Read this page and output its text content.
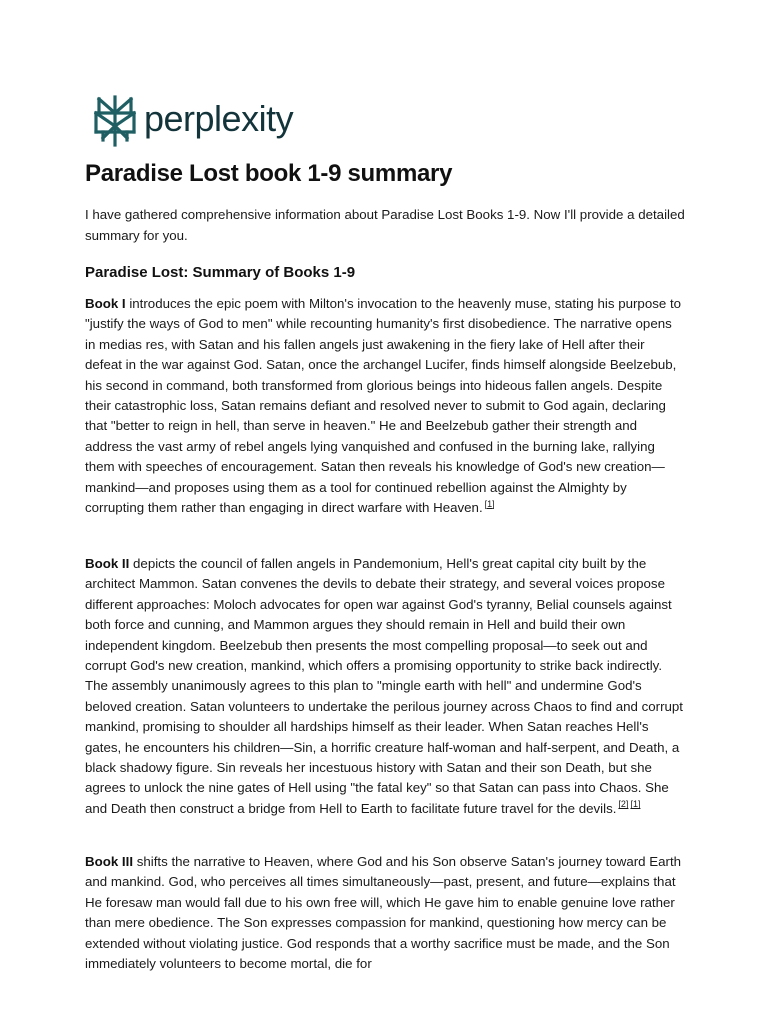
perplexity
Paradise Lost book 1-9 summary

I have gathered comprehensive information about Paradise Lost Books 1-9. Now I'll provide a detailed summary for you.

Paradise Lost: Summary of Books 1-9

Book I introduces the epic poem with Milton's invocation to the heavenly muse, stating his purpose to "justify the ways of God to men" while recounting humanity's first disobedience. The narrative opens in medias res, with Satan and his fallen angels just awakening in the fiery lake of Hell after their defeat in the war against God. Satan, once the archangel Lucifer, finds himself alongside Beelzebub, his second in command, both transformed from glorious beings into hideous fallen angels. Despite their catastrophic loss, Satan remains defiant and resolved never to submit to God again, declaring that "better to reign in hell, than serve in heaven." He and Beelzebub gather their strength and address the vast army of rebel angels lying vanquished and confused in the burning lake, rallying them with speeches of encouragement. Satan then reveals his knowledge of God's new creation—mankind—and proposes using them as a tool for continued rebellion against the Almighty by corrupting them rather than engaging in direct warfare with Heaven. [1]

Book II depicts the council of fallen angels in Pandemonium, Hell's great capital city built by the architect Mammon. Satan convenes the devils to debate their strategy, and several voices propose different approaches: Moloch advocates for open war against God's tyranny, Belial counsels against both force and cunning, and Mammon argues they should remain in Hell and build their own independent kingdom. Beelzebub then presents the most compelling proposal—to seek out and corrupt God's new creation, mankind, which offers a promising opportunity to strike back indirectly. The assembly unanimously agrees to this plan to "mingle earth with hell" and undermine God's beloved creation. Satan volunteers to undertake the perilous journey across Chaos to find and corrupt mankind, promising to shoulder all hardships himself as their leader. When Satan reaches Hell's gates, he encounters his children—Sin, a horrific creature half-woman and half-serpent, and Death, a black shadowy figure. Sin reveals her incestuous history with Satan and their son Death, but she agrees to unlock the nine gates of Hell using "the fatal key" so that Satan can pass into Chaos. She and Death then construct a bridge from Hell to Earth to facilitate future travel for the devils. [2] [1]

Book III shifts the narrative to Heaven, where God and his Son observe Satan's journey toward Earth and mankind. God, who perceives all times simultaneously—past, present, and future—explains that He foresaw man would fall due to his own free will, which He gave him to enable genuine love rather than mere obedience. The Son expresses compassion for mankind, questioning how mercy can be extended without violating justice. God responds that a worthy sacrifice must be made, and the Son immediately volunteers to become mortal, die for
